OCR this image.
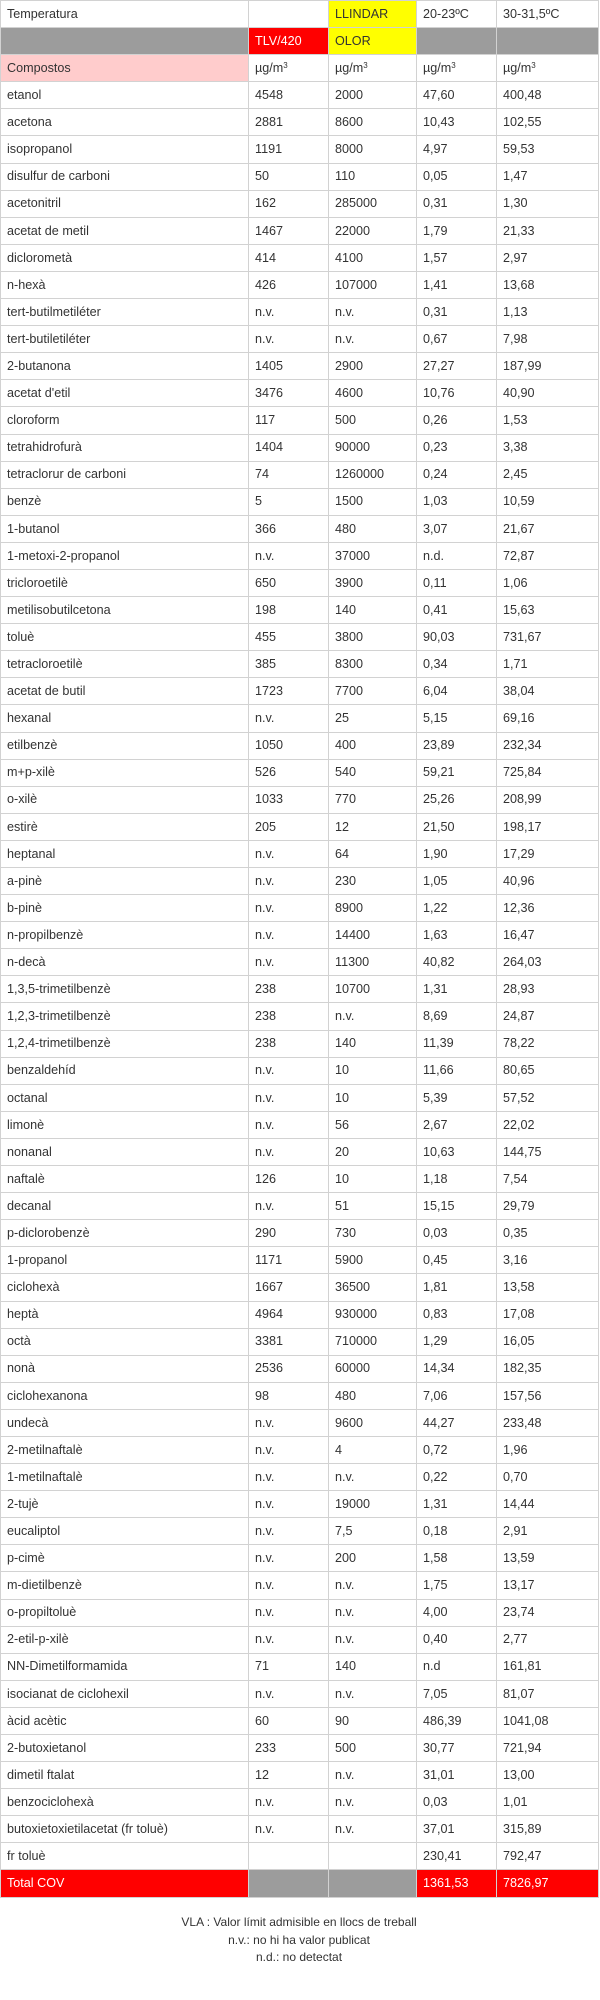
Temperatura		LLINDAR	20-23ºC	30-31,5ºC
	TLV/420	OLOR		
Compostos	$\mu g/m^3$	$\mu g/m^3$	$\mu g/m^3$	$\mu g/m^3$
etanol	4548	2000	47,60	400,48
acetona	2881	8600	10,43	102,55
isopropanol	1191	8000	4,97	59,53
disulfur de carboni	50	110	0,05	1,47
acetonitril	162	285000	0,31	1,30
acetat de metil	1467	22000	1,79	21,33
diclorometà	414	4100	1,57	2,97
n-hexà	426	107000	1,41	13,68
tert-butilmetiléter	n.v.	n.v.	0,31	1,13
tert-butiletiléter	n.v.	n.v.	0,67	7,98
2-butanona	1405	2900	27,27	187,99
acetat d'etil	3476	4600	10,76	40,90
cloroform	117	500	0,26	1,53
tetrahidrofurà	1404	90000	0,23	3,38
tetraclorur de carboni	74	1260000	0,24	2,45
benzè	5	1500	1,03	10,59
1-butanol	366	480	3,07	21,67
1-metoxi-2-propanol	n.v.	37000	n.d.	72,87
tricloroetilè	650	3900	0,11	1,06
metilisobutilcetona	198	140	0,41	15,63
toluè	455	3800	90,03	731,67
tetracloroetilè	385	8300	0,34	1,71
acetat de butil	1723	7700	6,04	38,04
hexanal	n.v.	25	5,15	69,16
etilbenzè	1050	400	23,89	232,34
m+p-xilè	526	540	59,21	725,84
o-xilè	1033	770	25,26	208,99
estirè	205	12	21,50	198,17
heptanal	n.v.	64	1,90	17,29
a-pinè	n.v.	230	1,05	40,96
b-pinè	n.v.	8900	1,22	12,36
n-propilbenzè	n.v.	14400	1,63	16,47
n-decà	n.v.	11300	40,82	264,03
1,3,5-trimetilbenzè	238	10700	1,31	28,93
1,2,3-trimetilbenzè	238	n.v.	8,69	24,87
1,2,4-trimetilbenzè	238	140	11,39	78,22
benzaldehíd	n.v.	10	11,66	80,65
octanal	n.v.	10	5,39	57,52
limonè	n.v.	56	2,67	22,02
nonanal	n.v.	20	10,63	144,75
naftalè	126	10	1,18	7,54
decanal	n.v.	51	15,15	29,79
p-diclorobenzè	290	730	0,03	0,35
1-propanol	1171	5900	0,45	3,16
ciclohexà	1667	36500	1,81	13,58
heptà	4964	930000	0,83	17,08
octà	3381	710000	1,29	16,05
nonà	2536	60000	14,34	182,35
ciclohexanona	98	480	7,06	157,56
undecà	n.v.	9600	44,27	233,48
2-metilnaftalè	n.v.	4	0,72	1,96
1-metilnaftalè	n.v.	n.v.	0,22	0,70
2-tujè	n.v.	19000	1,31	14,44
eucaliptol	n.v.	7,5	0,18	2,91
p-cimè	n.v.	200	1,58	13,59
m-dietilbenzè	n.v.	n.v.	1,75	13,17
o-propiltoluè	n.v.	n.v.	4,00	23,74
2-etil-p-xilè	n.v.	n.v.	0,40	2,77
NN-Dimetilformamida	71	140	n.d	161,81
isocianat de ciclohexil	n.v.	n.v.	7,05	81,07
àcid acètic	60	90	486,39	1041,08
2-butoxietanol	233	500	30,77	721,94
dimetil ftalat	12	n.v.	31,01	13,00
benzociclohexà	n.v.	n.v.	0,03	1,01
butoxietoxietilacetat (fr toluè)	n.v.	n.v.	37,01	315,89
fr toluè			230,41	792,47
Total COV			1361,53	7826,97
VLA : Valor límit admisible en llocs de treball
n.v.: no hi ha valor publicat
n.d.: no detectat
